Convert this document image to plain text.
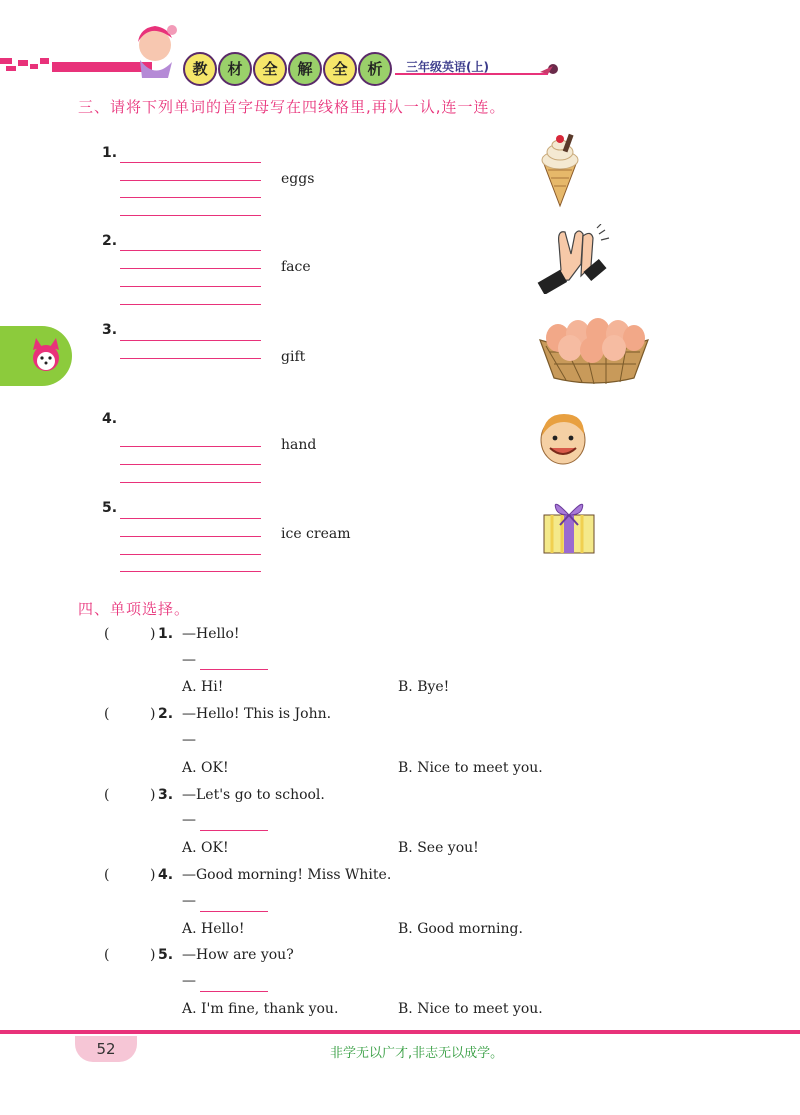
教	材	全	解	全	析	三年级英语(上)
三、请将下列单词的首字母写在四线格里,再认一认,连一连。
1.
eggs
2.
face
3.
gift
4.
hand
5.
ice cream
四、单项选择。
(	) 1. —Hello!
—
A. Hi!	B. Bye!
(	) 2. —Hello! This is John.
—
A. OK!	B. Nice to meet you.
(	) 3. —Let's go to school.
—
A. OK!	B. See you!
(	) 4. —Good morning! Miss White.
—
A. Hello!	B. Good morning.
(	) 5. —How are you?
—
A. I'm fine, thank you.	B. Nice to meet you.
52	非学无以广才,非志无以成学。
